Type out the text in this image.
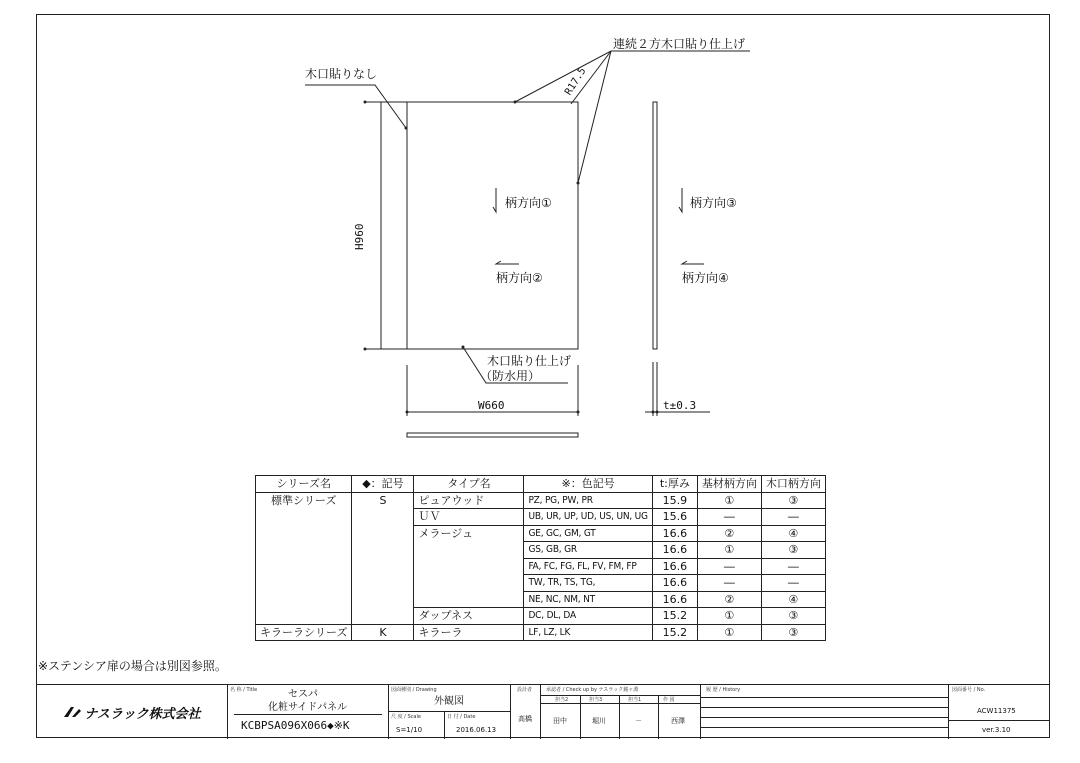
木口貼りなし
連続２方木口貼り仕上げ
R17.5
H960
柄方向①
柄方向②
柄方向③
柄方向④
木口貼り仕上げ
（防水用）
W660	t±0.3
シリーズ名	◆：記号	タイプ名	※：色記号	t:厚み	基材柄方向	木口柄方向
標準シリーズ	S	ピュアウッド	PZ, PG, PW, PR	15.9	①	③
		ＵＶ	UB, UR, UP, UD, US, UN, UG	15.6	―	―
		メラージュ	GE, GC, GM, GT	16.6	②	④
			GS, GB, GR	16.6	①	③
			FA, FC, FG, FL, FV, FM, FP	16.6	―	―
			TW, TR, TS, TG,	16.6	―	―
			NE, NC, NM, NT	16.6	②	④
		ダップネス	DC, DL, DA	15.2	①	③
キラーラシリーズ	K	キラーラ	LF, LZ, LK	15.2	①	③
※ステンシア扉の場合は別図参照。
ナスラック株式会社
名 称 / Title	セスパ
化粧サイドパネル
KCBPSA096X066◆※K
図面種別 / Drawing
外観図
尺 度 / Scale
S=1/10
日 付 / Date
2016.06.13
設計者
高橋
承認者 / Check up by ナスラック鐘ヶ淵
担当2	担当3	担当1	作 図
田中	堀川	－	西澤
履 歴 / History	図面番号 / No.
ACW11375
ver.3.10
